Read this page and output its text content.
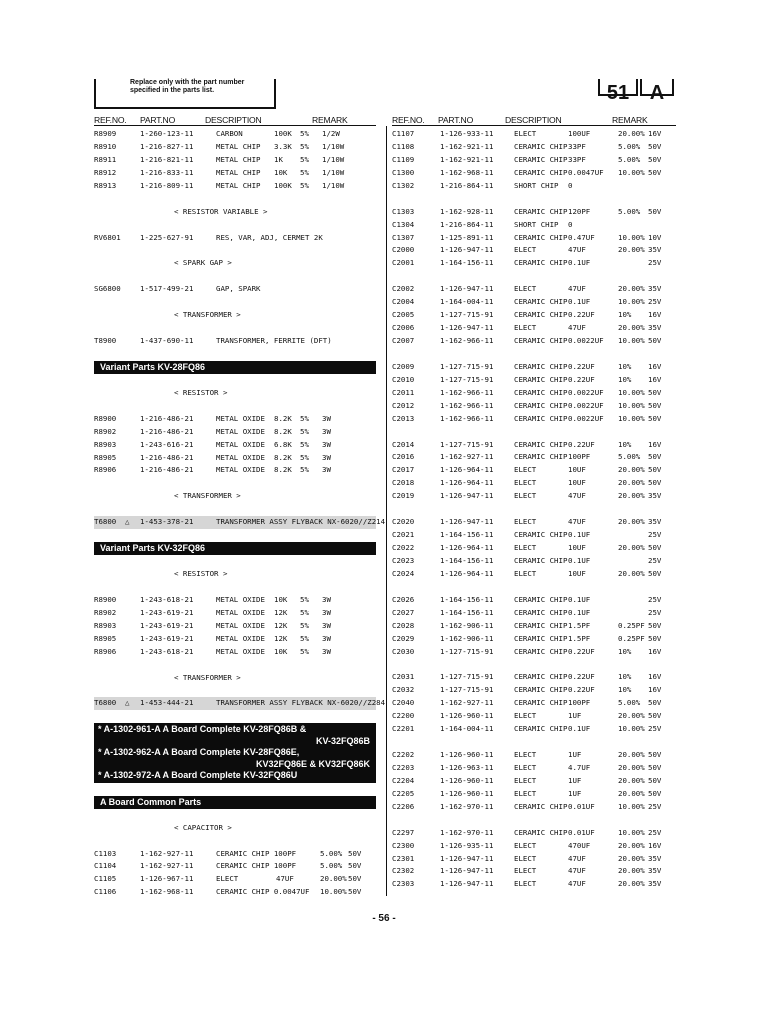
Replace only with the part number
specified in the parts list.	51	A
REF.NO. PART.NO	DESCRIPTION	REMARK	REF.NO. PART.NO	DESCRIPTION	REMARK
R8909	1-260-123-11	CARBON	100K 5% 1/2W
R8910	1-216-827-11	METAL CHIP 3.3K 5% 1/10W
R8911	1-216-821-11	METAL CHIP 1K 5% 1/10W
R8912	1-216-833-11	METAL CHIP 10K 5% 1/10W
R8913	1-216-809-11	METAL CHIP 100K 5% 1/10W
< RESISTOR VARIABLE >
RV6801	1-225-627-91	RES, VAR, ADJ, CERMET 2K
< SPARK GAP >
SG6800	1-517-499-21	GAP, SPARK
< TRANSFORMER >
T8900	1-437-690-11	TRANSFORMER, FERRITE (DFT)
Variant Parts KV-28FQ86
< RESISTOR >
R8900	1-216-486-21	METAL OXIDE 8.2K 5% 3W
R8902	1-216-486-21	METAL OXIDE 8.2K 5% 3W
R8903	1-243-616-21	METAL OXIDE 6.8K 5% 3W
R8905	1-216-486-21	METAL OXIDE 8.2K 5% 3W
R8906	1-216-486-21	METAL OXIDE 8.2K 5% 3W
< TRANSFORMER >
T6800 △ 1-453-378-21	TRANSFORMER ASSY FLYBACK NX-6020//Z214
Variant Parts KV-32FQ86
< RESISTOR >
R8900	1-243-618-21	METAL OXIDE 10K 5% 3W
R8902	1-243-619-21	METAL OXIDE 12K 5% 3W
R8903	1-243-619-21	METAL OXIDE 12K 5% 3W
R8905	1-243-619-21	METAL OXIDE 12K 5% 3W
R8906	1-243-618-21	METAL OXIDE 10K 5% 3W
< TRANSFORMER >
T6800 △ 1-453-444-21	TRANSFORMER ASSY FLYBACK NX-6020//Z284
* A-1302-961-A A Board Complete KV-28FQ86B &
KV-32FQ86B
* A-1302-962-A A Board Complete KV-28FQ86E,
KV32FQ86E & KV32FQ86K
* A-1302-972-A A Board Complete KV-32FQ86U
A Board Common Parts
< CAPACITOR >
C1103	1-162-927-11	CERAMIC CHIP 100PF	5.00% 50V
C1104	1-162-927-11	CERAMIC CHIP 100PF	5.00% 50V
C1105	1-126-967-11	ELECT	47UF	20.00% 50V
C1106	1-162-968-11	CERAMIC CHIP 0.0047UF 10.00% 50V
C1107	1-126-933-11	ELECT	100UF	20.00% 16V
C1108	1-162-921-11	CERAMIC CHIP 33PF	5.00% 50V
C1109	1-162-921-11	CERAMIC CHIP 33PF	5.00% 50V
C1300	1-162-968-11	CERAMIC CHIP 0.0047UF 10.00% 50V
C1302	1-216-864-11	SHORT CHIP 0
C1303	1-162-928-11	CERAMIC CHIP 120PF	5.00% 50V
C1304	1-216-864-11	SHORT CHIP 0
C1307	1-125-891-11	CERAMIC CHIP 0.47UF	10.00% 10V
C2000	1-126-947-11	ELECT	47UF	20.00% 35V
C2001	1-164-156-11	CERAMIC CHIP 0.1UF	25V
C2002	1-126-947-11	ELECT	47UF	20.00% 35V
C2004	1-164-004-11	CERAMIC CHIP 0.1UF	10.00% 25V
C2005	1-127-715-91	CERAMIC CHIP 0.22UF	10% 16V
C2006	1-126-947-11	ELECT	47UF	20.00% 35V
C2007	1-162-966-11	CERAMIC CHIP 0.0022UF 10.00% 50V
C2009	1-127-715-91	CERAMIC CHIP 0.22UF	10% 16V
C2010	1-127-715-91	CERAMIC CHIP 0.22UF	10% 16V
C2011	1-162-966-11	CERAMIC CHIP 0.0022UF 10.00% 50V
C2012	1-162-966-11	CERAMIC CHIP 0.0022UF 10.00% 50V
C2013	1-162-966-11	CERAMIC CHIP 0.0022UF 10.00% 50V
C2014	1-127-715-91	CERAMIC CHIP 0.22UF	10% 16V
C2016	1-162-927-11	CERAMIC CHIP 100PF	5.00% 50V
C2017	1-126-964-11	ELECT	10UF	20.00% 50V
C2018	1-126-964-11	ELECT	10UF	20.00% 50V
C2019	1-126-947-11	ELECT	47UF	20.00% 35V
C2020	1-126-947-11	ELECT	47UF	20.00% 35V
C2021	1-164-156-11	CERAMIC CHIP 0.1UF	25V
C2022	1-126-964-11	ELECT	10UF	20.00% 50V
C2023	1-164-156-11	CERAMIC CHIP 0.1UF	25V
C2024	1-126-964-11	ELECT	10UF	20.00% 50V
C2026	1-164-156-11	CERAMIC CHIP 0.1UF	25V
C2027	1-164-156-11	CERAMIC CHIP 0.1UF	25V
C2028	1-162-906-11	CERAMIC CHIP 1.5PF	0.25PF 50V
C2029	1-162-906-11	CERAMIC CHIP 1.5PF	0.25PF 50V
C2030	1-127-715-91	CERAMIC CHIP 0.22UF	10% 16V
C2031	1-127-715-91	CERAMIC CHIP 0.22UF	10% 16V
C2032	1-127-715-91	CERAMIC CHIP 0.22UF	10% 16V
C2040	1-162-927-11	CERAMIC CHIP 100PF	5.00% 50V
C2200	1-126-960-11	ELECT	1UF	20.00% 50V
C2201	1-164-004-11	CERAMIC CHIP 0.1UF	10.00% 25V
C2202	1-126-960-11	ELECT	1UF	20.00% 50V
C2203	1-126-963-11	ELECT	4.7UF	20.00% 50V
C2204	1-126-960-11	ELECT	1UF	20.00% 50V
C2205	1-126-960-11	ELECT	1UF	20.00% 50V
C2206	1-162-970-11	CERAMIC CHIP 0.01UF	10.00% 25V
C2297	1-162-970-11	CERAMIC CHIP 0.01UF	10.00% 25V
C2300	1-126-935-11	ELECT	470UF	20.00% 16V
C2301	1-126-947-11	ELECT	47UF	20.00% 35V
C2302	1-126-947-11	ELECT	47UF	20.00% 35V
C2303	1-126-947-11	ELECT	47UF	20.00% 35V
- 56 -
